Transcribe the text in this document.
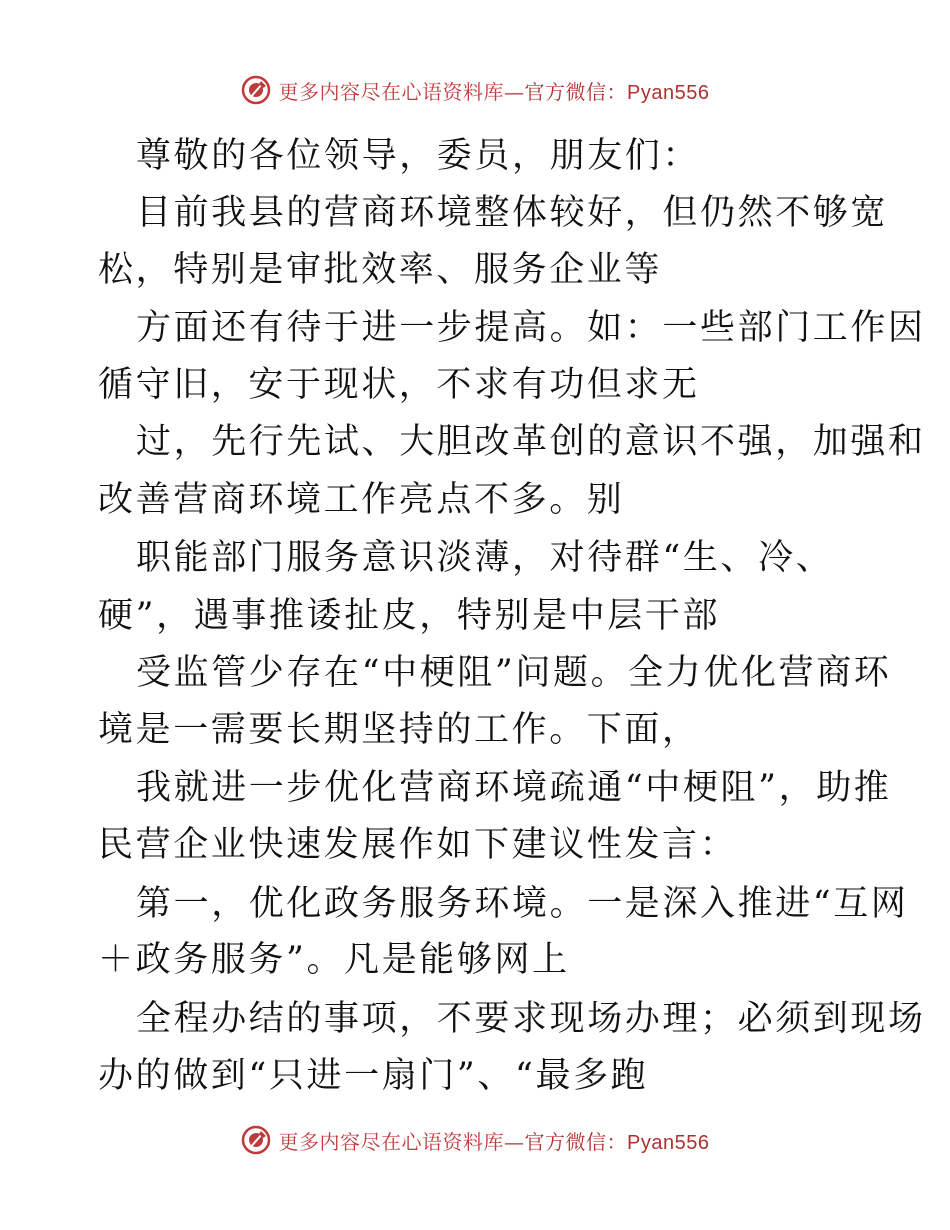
更多内容尽在心语资料库—官方微信：Pyan556
尊敬的各位领导，委员，朋友们：
目前我县的营商环境整体较好，但仍然不够宽
松，特别是审批效率、服务企业等
方面还有待于进一步提高。如：一些部门工作因
循守旧，安于现状，不求有功但求无
过，先行先试、大胆改革创的意识不强，加强和
改善营商环境工作亮点不多。别
职能部门服务意识淡薄，对待群“生、冷、
硬”，遇事推诿扯皮，特别是中层干部
受监管少存在“中梗阻”问题。全力优化营商环
境是一需要长期坚持的工作。下面，
我就进一步优化营商环境疏通“中梗阻”，助推
民营企业快速发展作如下建议性发言：
第一，优化政务服务环境。一是深入推进“互网
＋政务服务”。凡是能够网上
全程办结的事项，不要求现场办理；必须到现场
办的做到“只进一扇门”、“最多跑
更多内容尽在心语资料库—官方微信：Pyan556
